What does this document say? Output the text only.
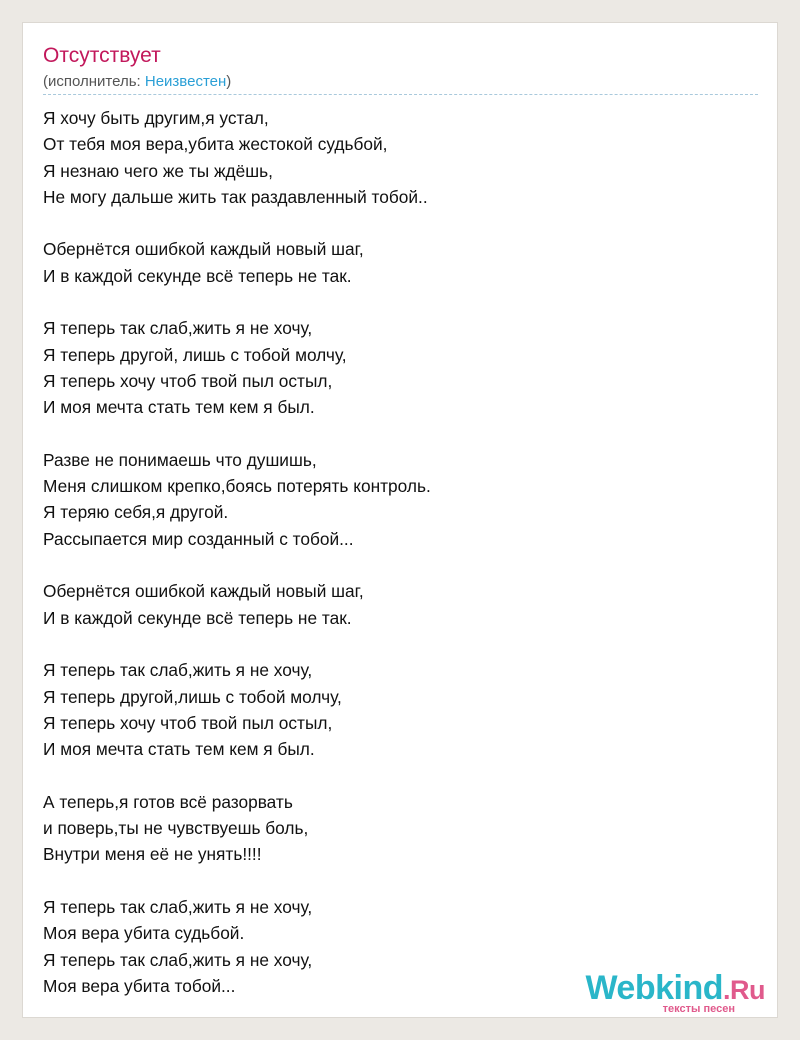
Отсутствует
(исполнитель: Неизвестен)
Я хочу быть другим,я устал,
От тебя моя вера,убита жестокой судьбой,
Я незнаю чего же ты ждёшь,
Не могу дальше жить так раздавленный тобой..
Обернётся ошибкой каждый новый шаг,
И в каждой секунде всё теперь не так.
Я теперь так слаб,жить я не хочу,
Я теперь другой, лишь с тобой молчу,
Я теперь хочу чтоб твой пыл остыл,
И моя мечта стать тем кем я был.
Разве не понимаешь что душишь,
Меня слишком крепко,боясь потерять контроль.
Я теряю себя,я другой.
Рассыпается мир созданный с тобой...
Обернётся ошибкой каждый новый шаг,
И в каждой секунде всё теперь не так.
Я теперь так слаб,жить я не хочу,
Я теперь другой,лишь с тобой молчу,
Я теперь хочу чтоб твой пыл остыл,
И моя мечта стать тем кем я был.
А теперь,я готов всё разорвать
и поверь,ты не чувствуешь боль,
Внутри меня её не унять!!!!
Я теперь так слаб,жить я не хочу,
Моя вера убита судьбой.
Я теперь так слаб,жить я не хочу,
Моя вера убита тобой...	Webkind.Ru
тексты песен
